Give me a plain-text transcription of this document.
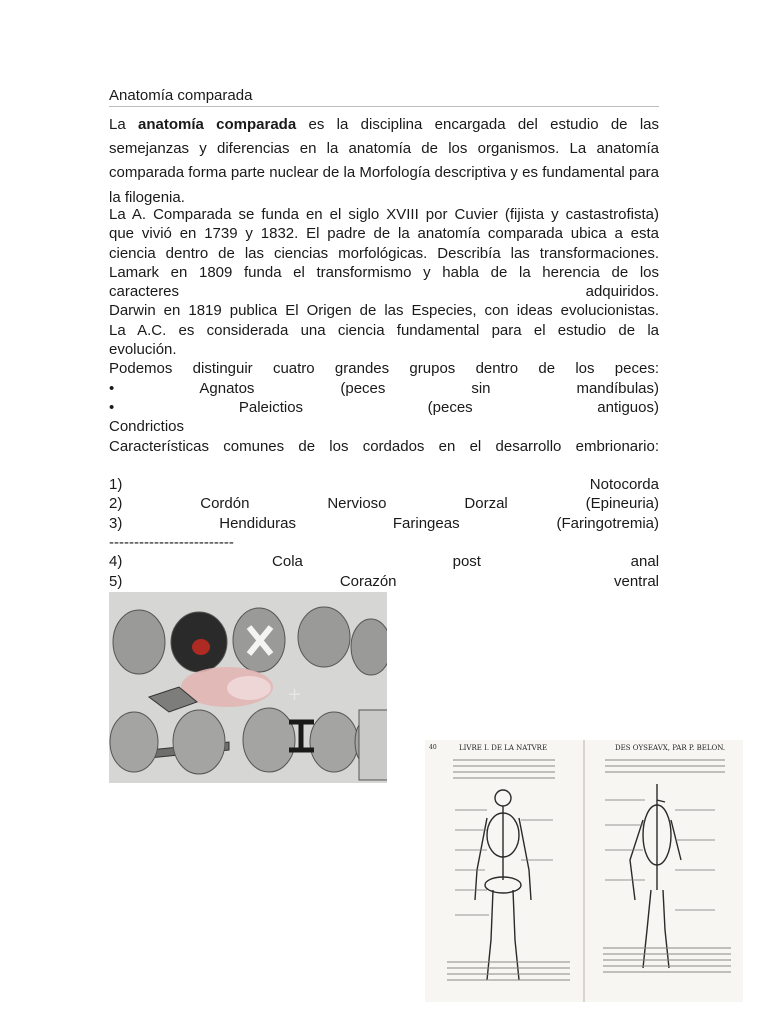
Anatomía comparada
La anatomía comparada es la disciplina encargada del estudio de las semejanzas y diferencias en la anatomía de los organismos. La anatomía comparada forma parte nuclear de la Morfología descriptiva y es fundamental para la filogenia.
La A. Comparada se funda en el siglo XVIII por Cuvier (fijista y castastrofista)
que vivió en 1739 y 1832. El padre de la anatomía comparada ubica a esta
ciencia dentro de las ciencias morfológicas. Describía las transformaciones.
Lamark en 1809 funda el transformismo y habla de la herencia de los
caracteres	adquiridos.
Darwin en 1819 publica El Origen de las Especies, con ideas evolucionistas.
La A.C. es considerada una ciencia fundamental para el estudio de la
evolución.
Podemos distinguir cuatro grandes grupos dentro de los peces:
•	Agnatos	(peces	sin	mandíbulas)
•	Paleictios	(peces	antiguos)
Condrictios
Características comunes de los cordados en el desarrollo embrionario:
1)	Notocorda
2)	Cordón	Nervioso	Dorzal	(Epineuria)
3)	Hendiduras	Faringeas	(Faringotremia)
-------------------------
4)	Cola	post	anal
5)	Corazón	ventral
+
LIVRE I. DE LA NATVRE
40	DES OYSEAVX, PAR P. BELON.
